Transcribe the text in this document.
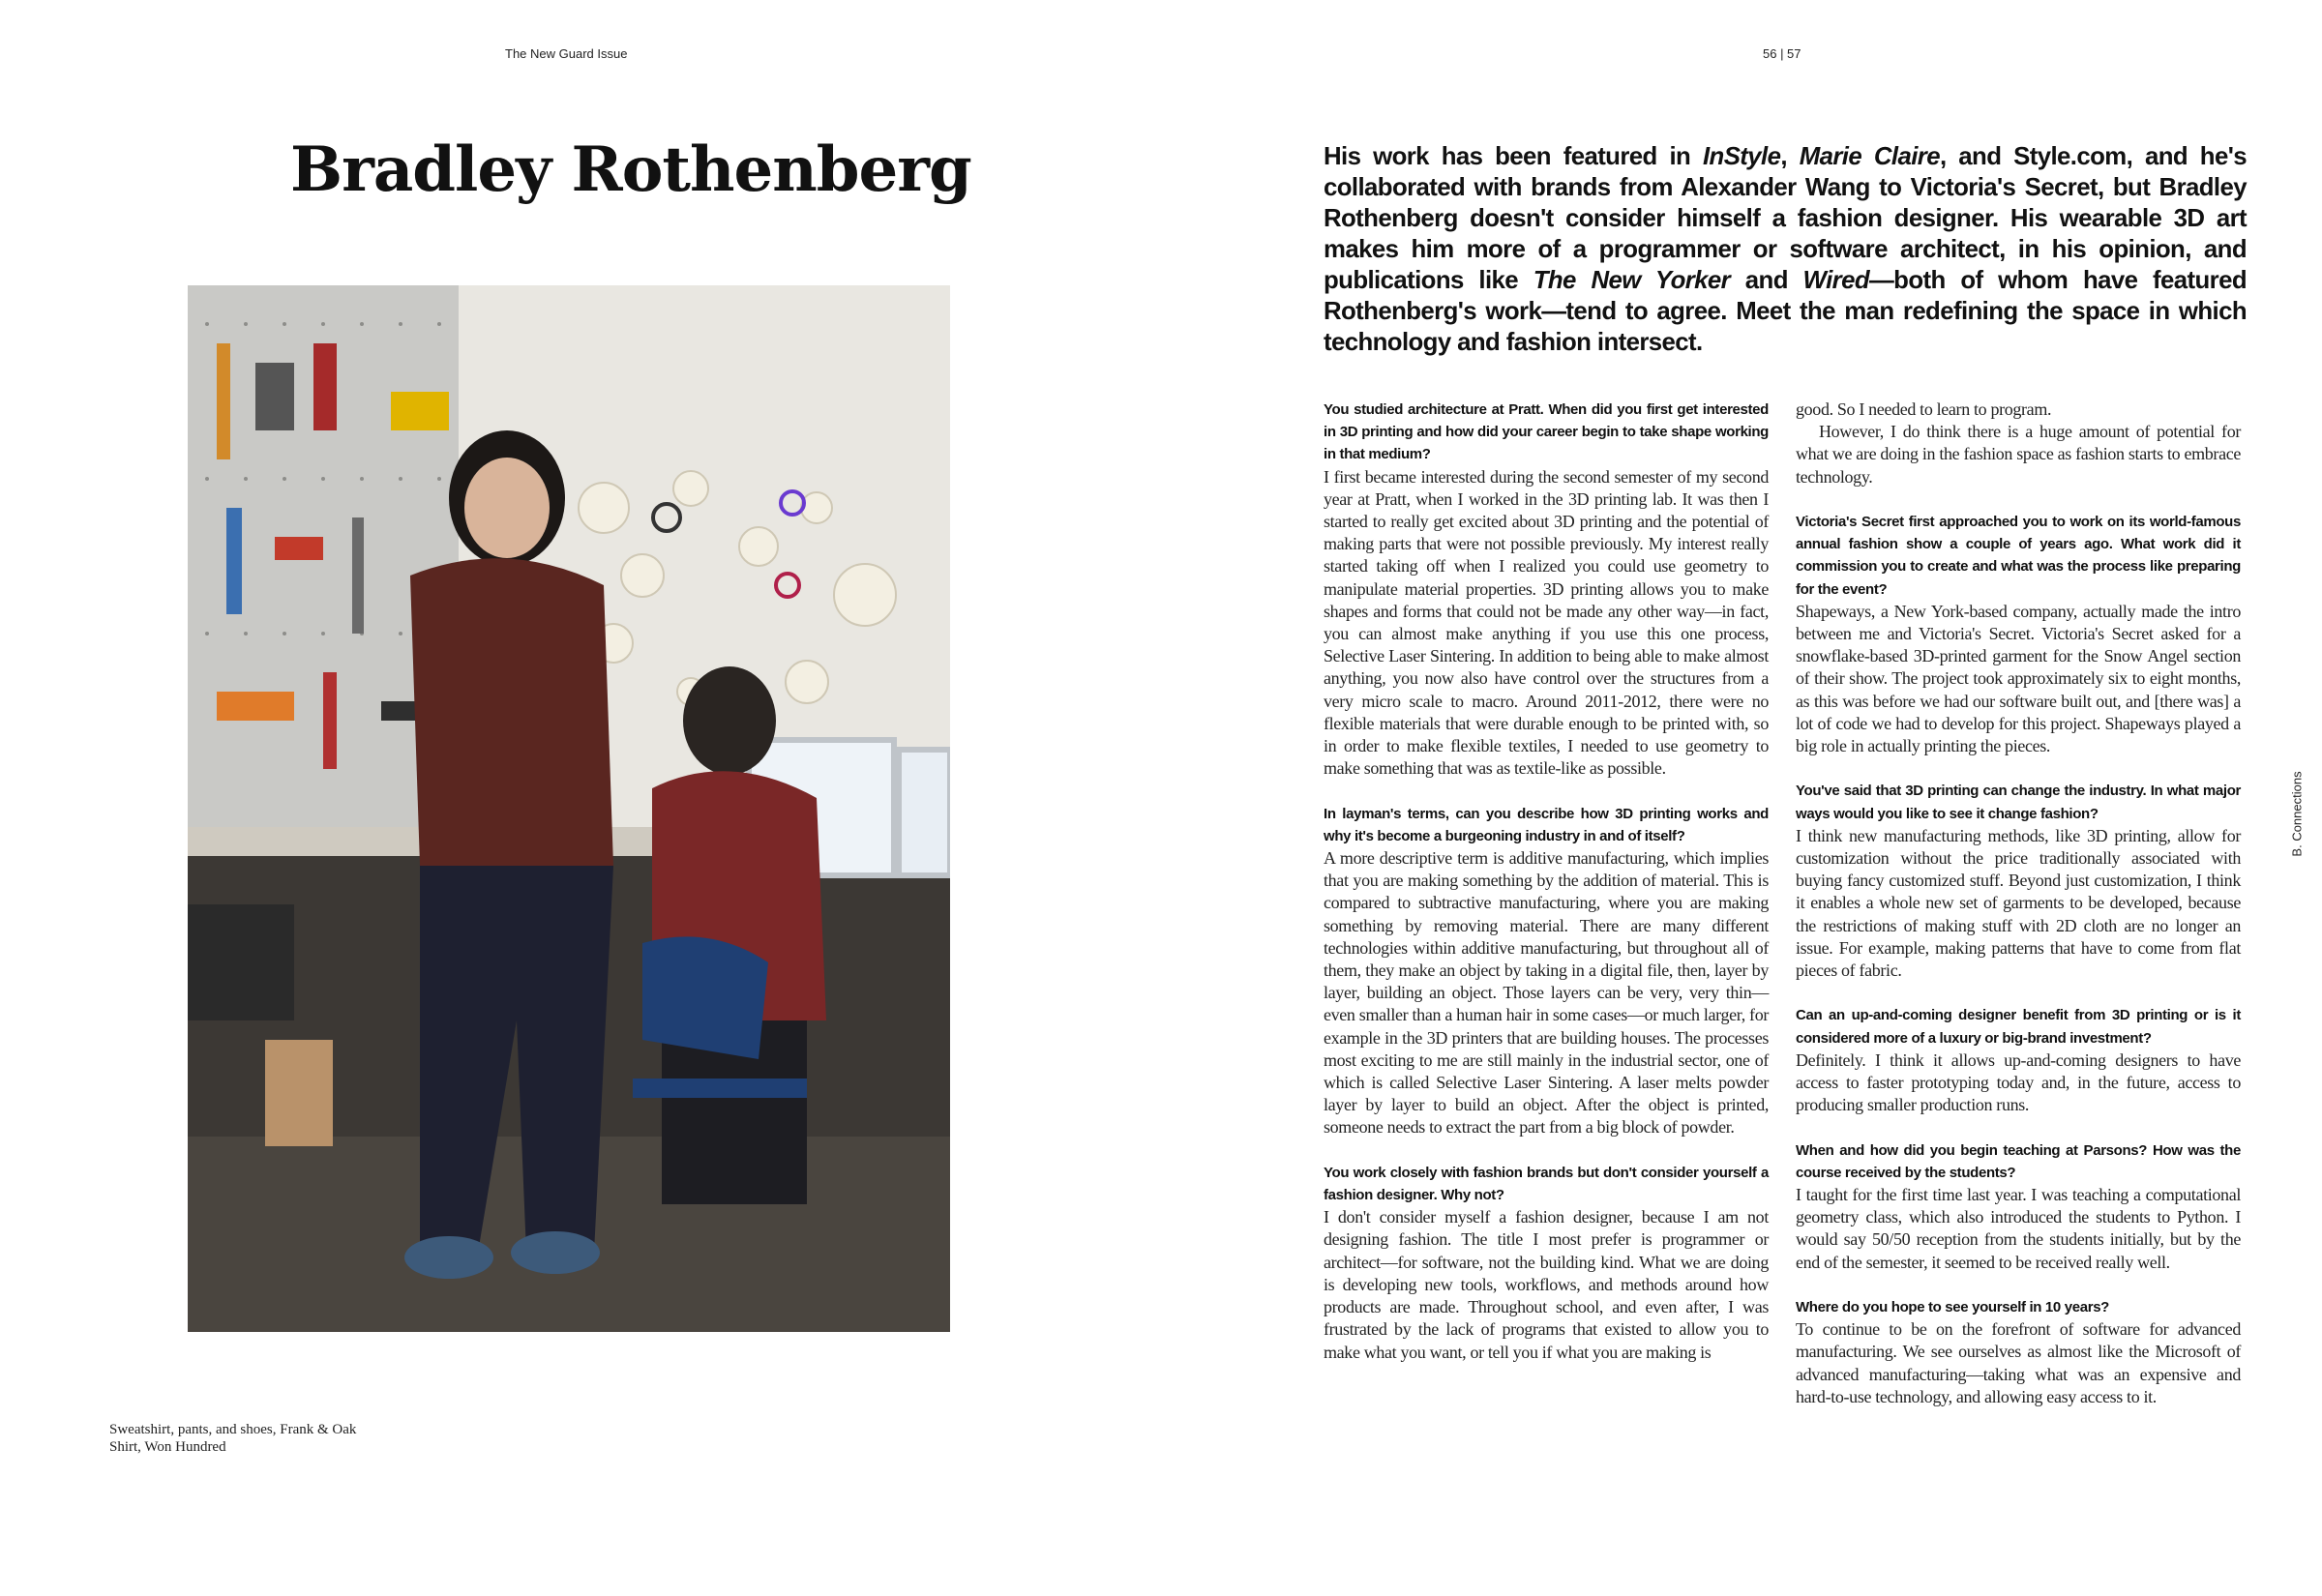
The New Guard Issue	56 | 57
Bradley Rothenberg
Sweatshirt, pants, and shoes, Frank & Oak
Shirt, Won Hundred

His work has been featured in InStyle, Marie Claire, and Style.com, and he's collaborated with brands from Alexander Wang to Victoria's Secret, but Bradley Rothenberg doesn't consider himself a fashion designer. His wearable 3D art makes him more of a programmer or software architect, in his opinion, and publications like The New Yorker and Wired—both of whom have featured Rothenberg's work—tend to agree. Meet the man redefining the space in which technology and fashion intersect.

You studied architecture at Pratt. When did you first get interested in 3D printing and how did your career begin to take shape working in that medium?

I first became interested during the second semester of my second year at Pratt, when I worked in the 3D printing lab. It was then I started to really get excited about 3D printing and the potential of making parts that were not possible previously. My interest really started taking off when I realized you could use geometry to manipulate material properties. 3D printing allows you to make shapes and forms that could not be made any other way—in fact, you can almost make anything if you use this one process, Selective Laser Sintering. In addition to being able to make almost anything, you now also have control over the structures from a very micro scale to macro. Around 2011-2012, there were no flexible materials that were durable enough to be printed with, so in order to make flexible textiles, I needed to use geometry to make something that was as textile-like as possible.

In layman's terms, can you describe how 3D printing works and why it's become a burgeoning industry in and of itself?

A more descriptive term is additive manufacturing, which implies that you are making something by the addition of material. This is compared to subtractive manufacturing, where you are making something by removing material. There are many different technologies within additive manufacturing, but throughout all of them, they make an object by taking in a digital file, then, layer by layer, building an object. Those layers can be very, very thin—even smaller than a human hair in some cases—or much larger, for example in the 3D printers that are building houses. The processes most exciting to me are still mainly in the industrial sector, one of which is called Selective Laser Sintering. A laser melts powder layer by layer to build an object. After the object is printed, someone needs to extract the part from a big block of powder.

You work closely with fashion brands but don't consider yourself a fashion designer. Why not?

I don't consider myself a fashion designer, because I am not designing fashion. The title I most prefer is programmer or architect—for software, not the building kind. What we are doing is developing new tools, workflows, and methods around how products are made. Throughout school, and even after, I was frustrated by the lack of programs that existed to allow you to make what you want, or tell you if what you are making is

good. So I needed to learn to program.

However, I do think there is a huge amount of potential for what we are doing in the fashion space as fashion starts to embrace technology.

Victoria's Secret first approached you to work on its world-famous annual fashion show a couple of years ago. What work did it commission you to create and what was the process like preparing for the event?

Shapeways, a New York-based company, actually made the intro between me and Victoria's Secret. Victoria's Secret asked for a snowflake-based 3D-printed garment for the Snow Angel section of their show. The project took approximately six to eight months, as this was before we had our software built out, and [there was] a lot of code we had to develop for this project. Shapeways played a big role in actually printing the pieces.

You've said that 3D printing can change the industry. In what major ways would you like to see it change fashion?

I think new manufacturing methods, like 3D printing, allow for customization without the price traditionally associated with buying fancy customized stuff. Beyond just customization, I think it enables a whole new set of garments to be developed, because the restrictions of making stuff with 2D cloth are no longer an issue. For example, making patterns that have to come from flat pieces of fabric.

Can an up-and-coming designer benefit from 3D printing or is it considered more of a luxury or big-brand investment?

Definitely. I think it allows up-and-coming designers to have access to faster prototyping today and, in the future, access to producing smaller production runs.

When and how did you begin teaching at Parsons? How was the course received by the students?

I taught for the first time last year. I was teaching a computational geometry class, which also introduced the students to Python. I would say 50/50 reception from the students initially, but by the end of the semester, it seemed to be received really well.

Where do you hope to see yourself in 10 years?

To continue to be on the forefront of software for advanced manufacturing. We see ourselves as almost like the Microsoft of advanced manufacturing—taking what was an expensive and hard-to-use technology, and allowing easy access to it.

B. Connections
